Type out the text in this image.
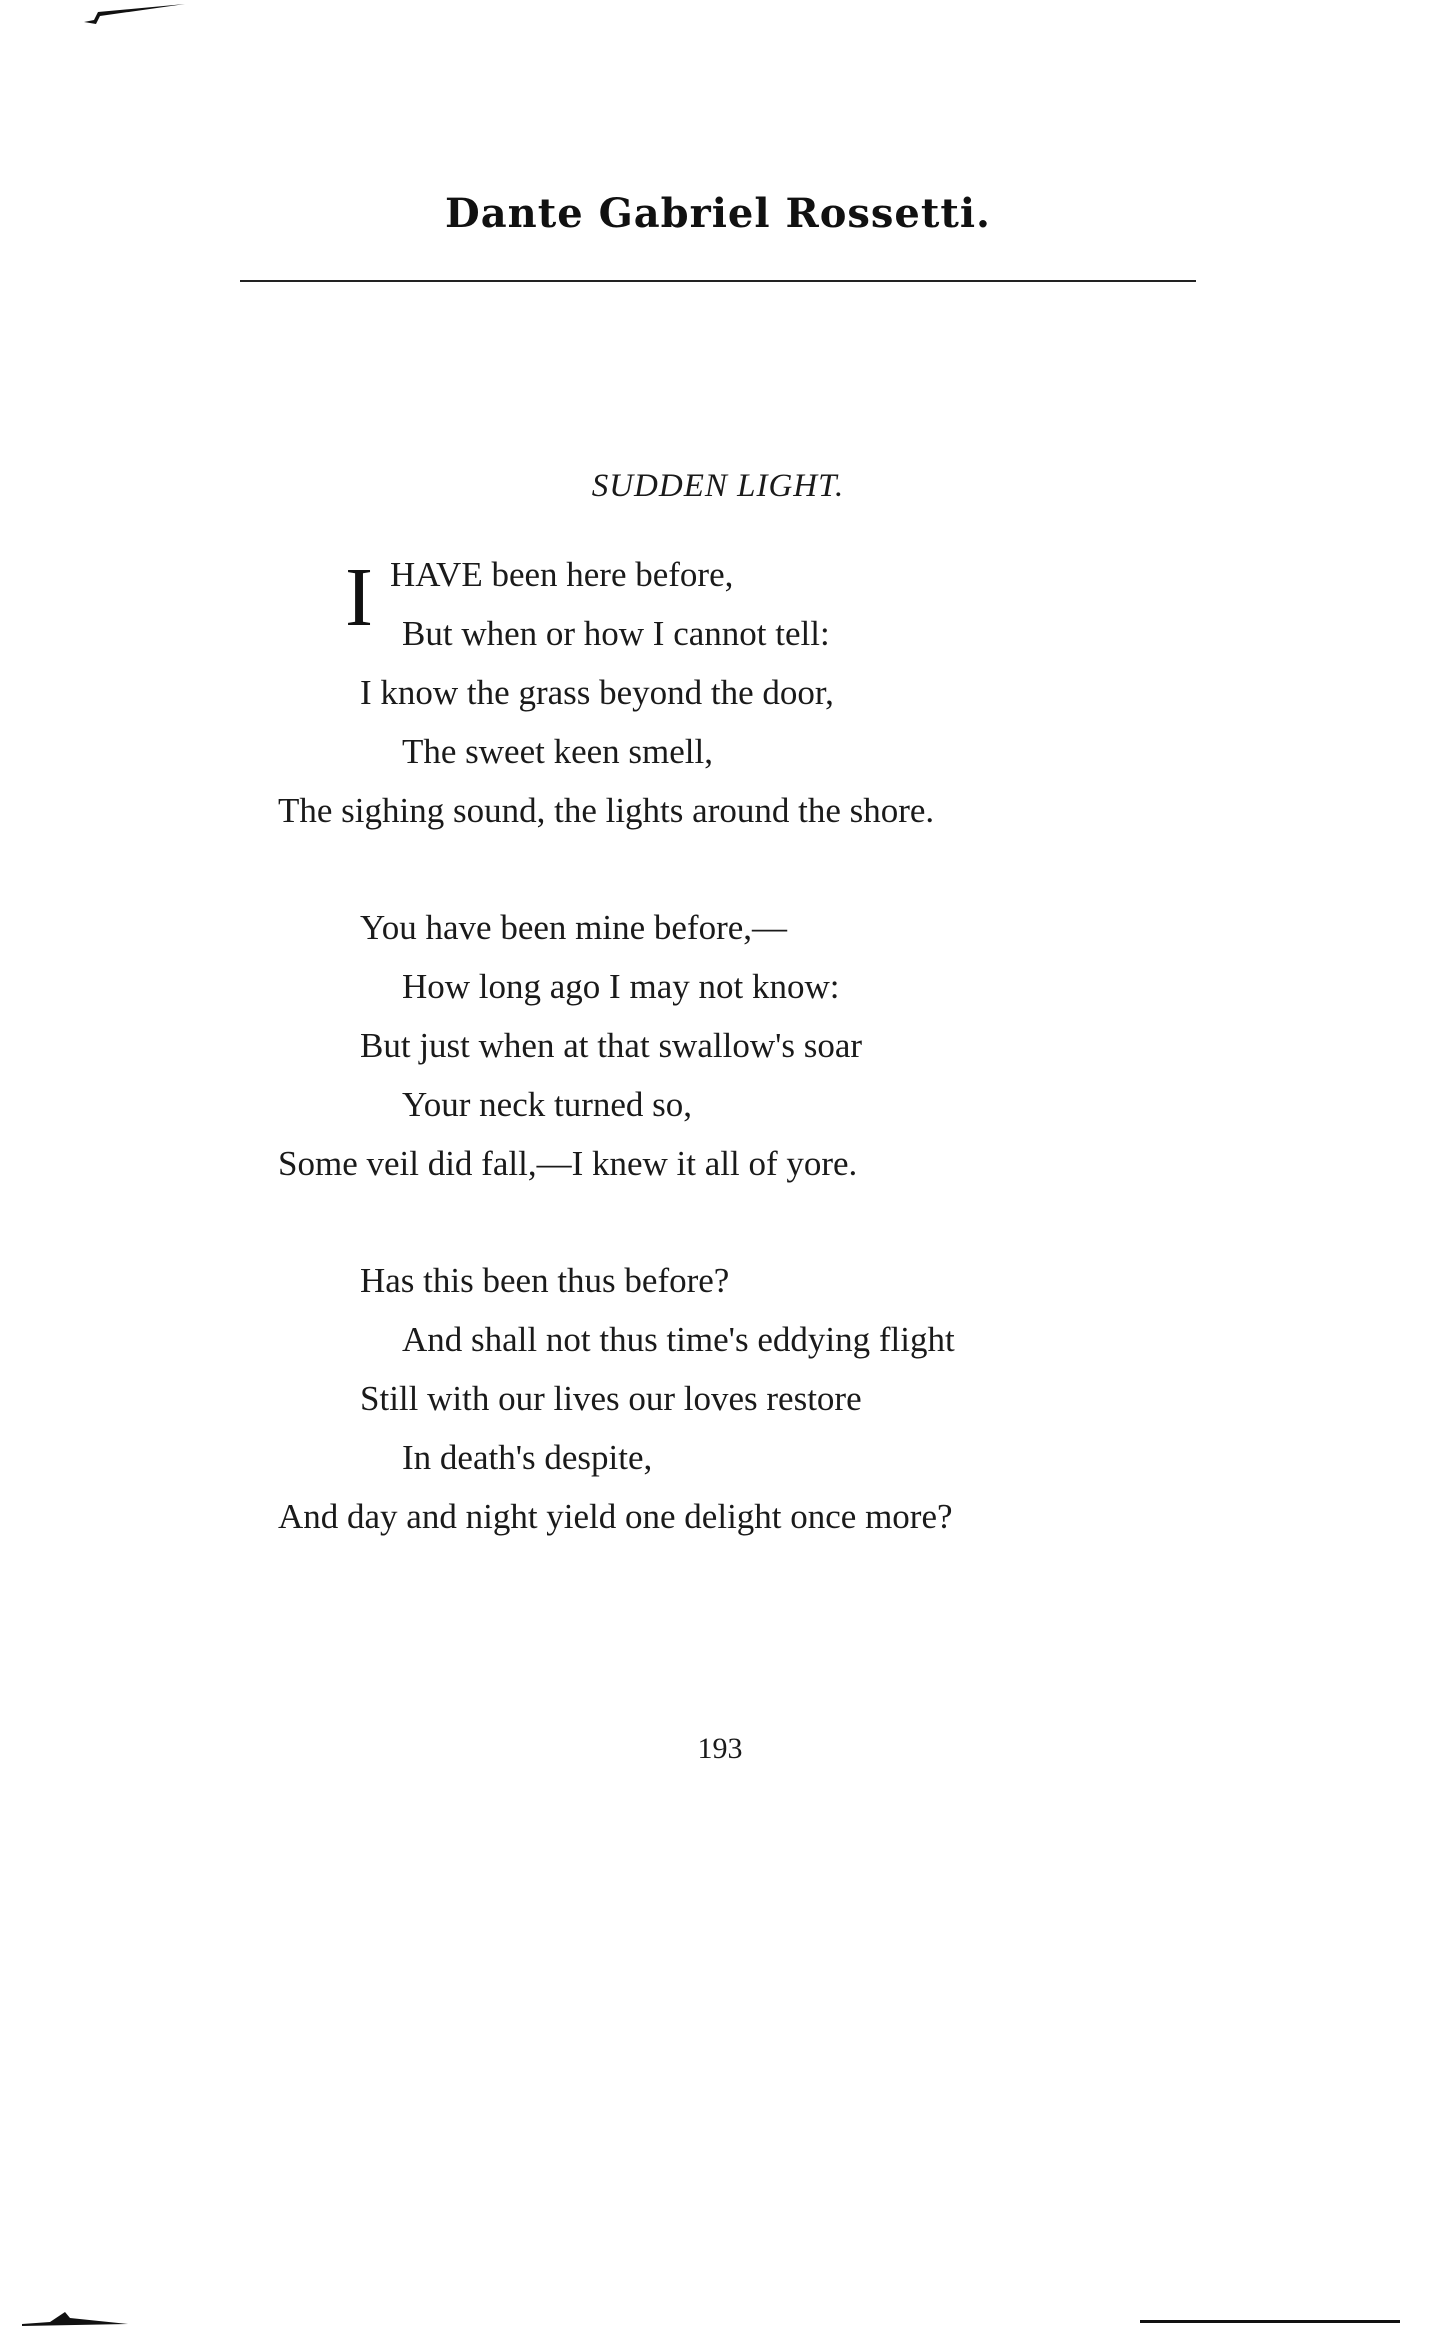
Dante Gabriel Rossetti.
SUDDEN LIGHT.
I HAVE been here before,
But when or how I cannot tell:
I know the grass beyond the door,
The sweet keen smell,
The sighing sound, the lights around the shore.
You have been mine before,—
How long ago I may not know:
But just when at that swallow's soar
Your neck turned so,
Some veil did fall,—I knew it all of yore.
Has this been thus before?
And shall not thus time's eddying flight
Still with our lives our loves restore
In death's despite,
And day and night yield one delight once more?
193
